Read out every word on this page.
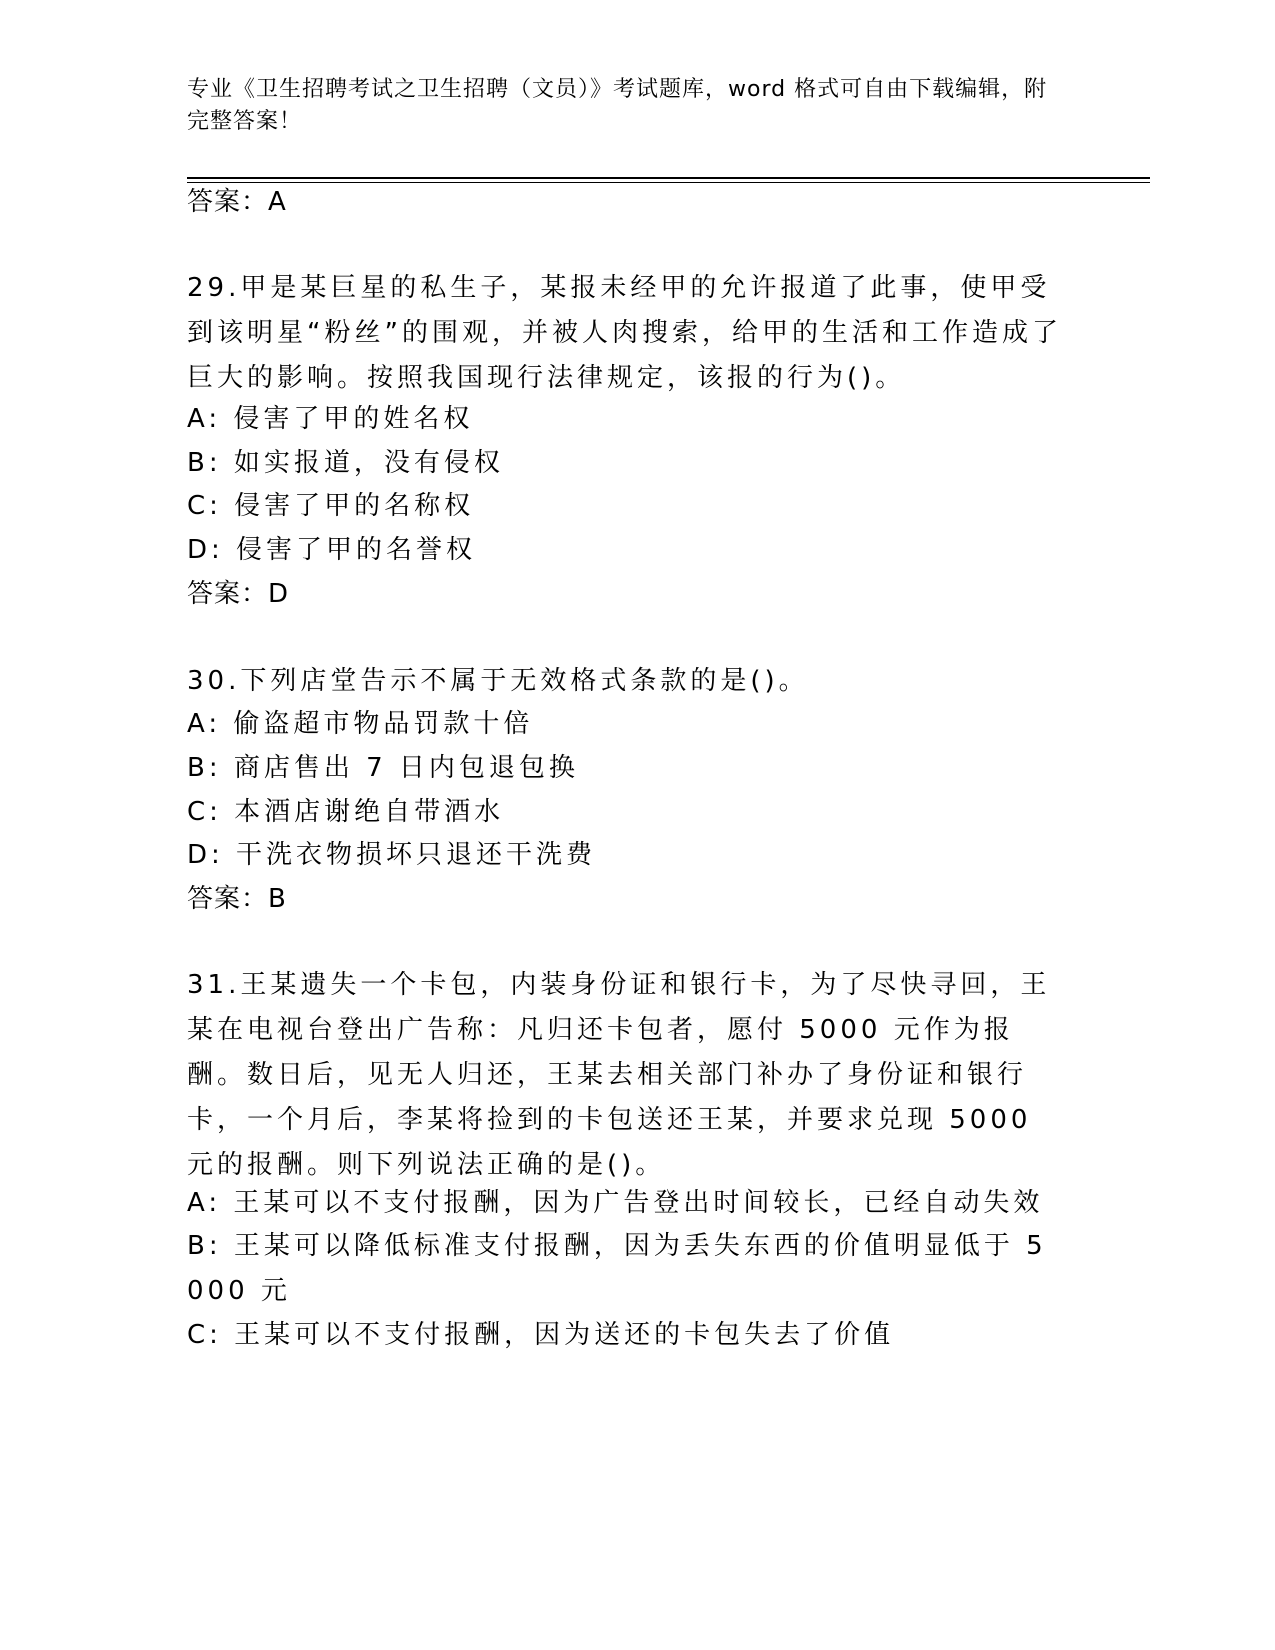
专业《卫生招聘考试之卫生招聘（文员）》考试题库，word 格式可自由下载编辑，附完整答案！
答案：A
29.甲是某巨星的私生子，某报未经甲的允许报道了此事，使甲受到该明星“粉丝”的围观，并被人肉搜索，给甲的生活和工作造成了巨大的影响。按照我国现行法律规定，该报的行为()。
A: 侵害了甲的姓名权
B: 如实报道，没有侵权
C: 侵害了甲的名称权
D: 侵害了甲的名誉权
答案：D
30.下列店堂告示不属于无效格式条款的是()。
A: 偷盗超市物品罚款十倍
B: 商店售出 7 日内包退包换
C: 本酒店谢绝自带酒水
D: 干洗衣物损坏只退还干洗费
答案：B
31.王某遗失一个卡包，内装身份证和银行卡，为了尽快寻回，王某在电视台登出广告称：凡归还卡包者，愿付 5000 元作为报酬。数日后，见无人归还，王某去相关部门补办了身份证和银行卡，一个月后，李某将捡到的卡包送还王某，并要求兑现 5000 元的报酬。则下列说法正确的是()。
A: 王某可以不支付报酬，因为广告登出时间较长，已经自动失效
B: 王某可以降低标准支付报酬，因为丢失东西的价值明显低于 5000 元
C: 王某可以不支付报酬，因为送还的卡包失去了价值
